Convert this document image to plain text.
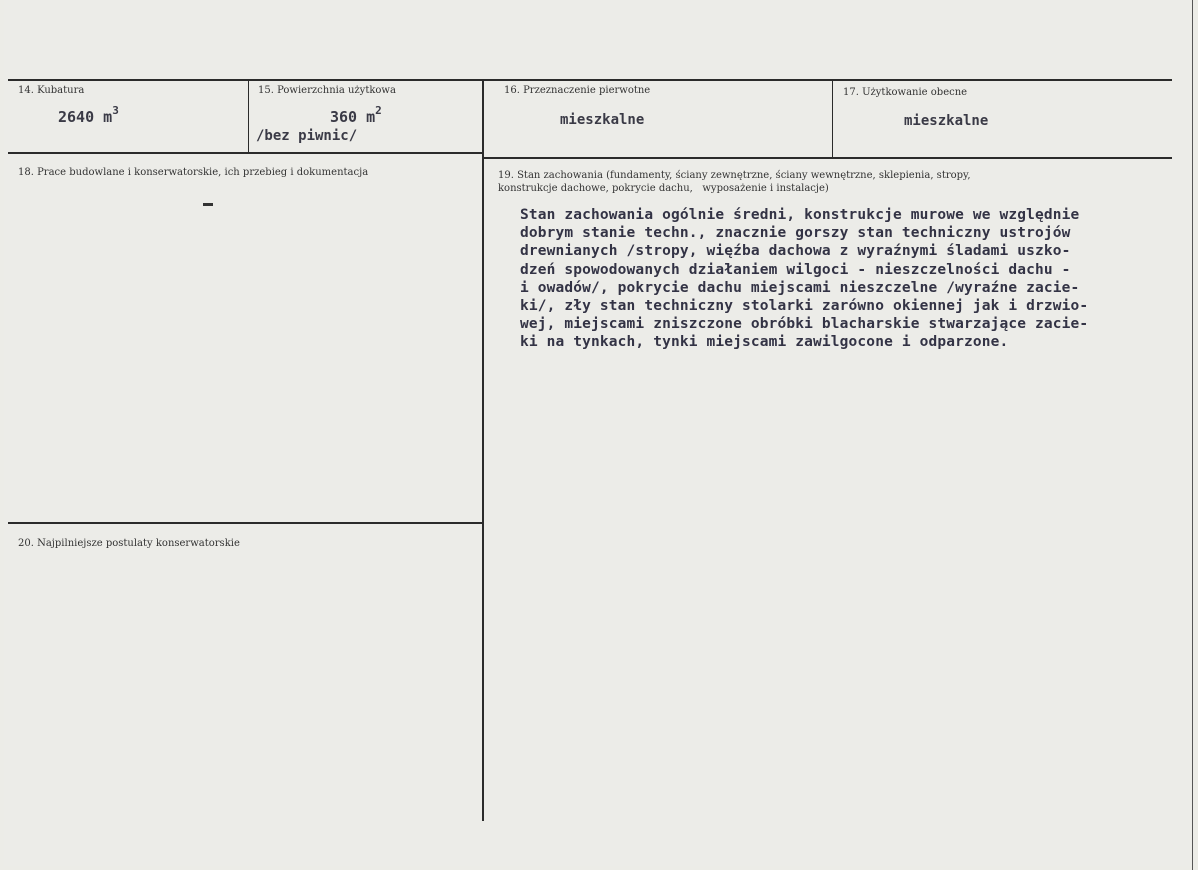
14. Kubatura
2640 $m^3$
15. Powierzchnia użytkowa
360 $m^2$
/bez piwnic/
16. Przeznaczenie pierwotne
mieszkalne
17. Użytkowanie obecne
mieszkalne
18. Prace budowlane i konserwatorskie, ich przebieg i dokumentacja	19. Stan zachowania (fundamenty, ściany zewnętrzne, ściany wewnętrzne, sklepienia, stropy,
konstrukcje dachowe, pokrycie dachu,   wyposażenie i instalacje)
Stan zachowania ogólnie średni, konstrukcje murowe we względnie
dobrym stanie techn., znacznie gorszy stan techniczny ustrojów
drewnianych /stropy, więźba dachowa z wyraźnymi śladami uszko-
dzeń spowodowanych działaniem wilgoci - nieszczelności dachu -
i owadów/, pokrycie dachu miejscami nieszczelne /wyraźne zacie-
ki/, zły stan techniczny stolarki zarówno okiennej jak i drzwio-
wej, miejscami zniszczone obróbki blacharskie stwarzające zacie-
ki na tynkach, tynki miejscami zawilgocone i odparzone.
20. Najpilniejsze postulaty konserwatorskie
